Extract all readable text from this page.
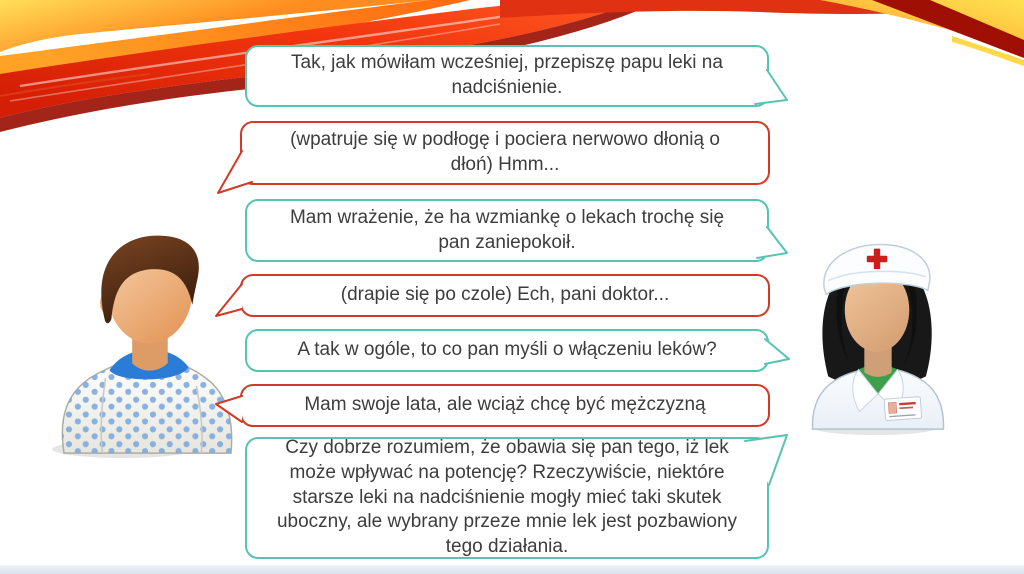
Tak, jak mówiłam wcześniej, przepiszę papu leki na nadciśnienie.
(wpatruje się w podłogę i pociera nerwowo dłonią o dłoń) Hmm...
Mam wrażenie, że ha wzmiankę o lekach trochę się pan zaniepokoił.
(drapie się po czole) Ech, pani doktor...
A tak w ogóle, to co pan myśli o włączeniu leków?
Mam swoje lata, ale wciąż chcę być mężczyzną
Czy dobrze rozumiem, że obawia się pan tego, iż lek może wpływać na potencję? Rzeczywiście, niektóre starsze leki na nadciśnienie mogły mieć taki skutek uboczny, ale wybrany przeze mnie lek jest pozbawiony tego działania.
